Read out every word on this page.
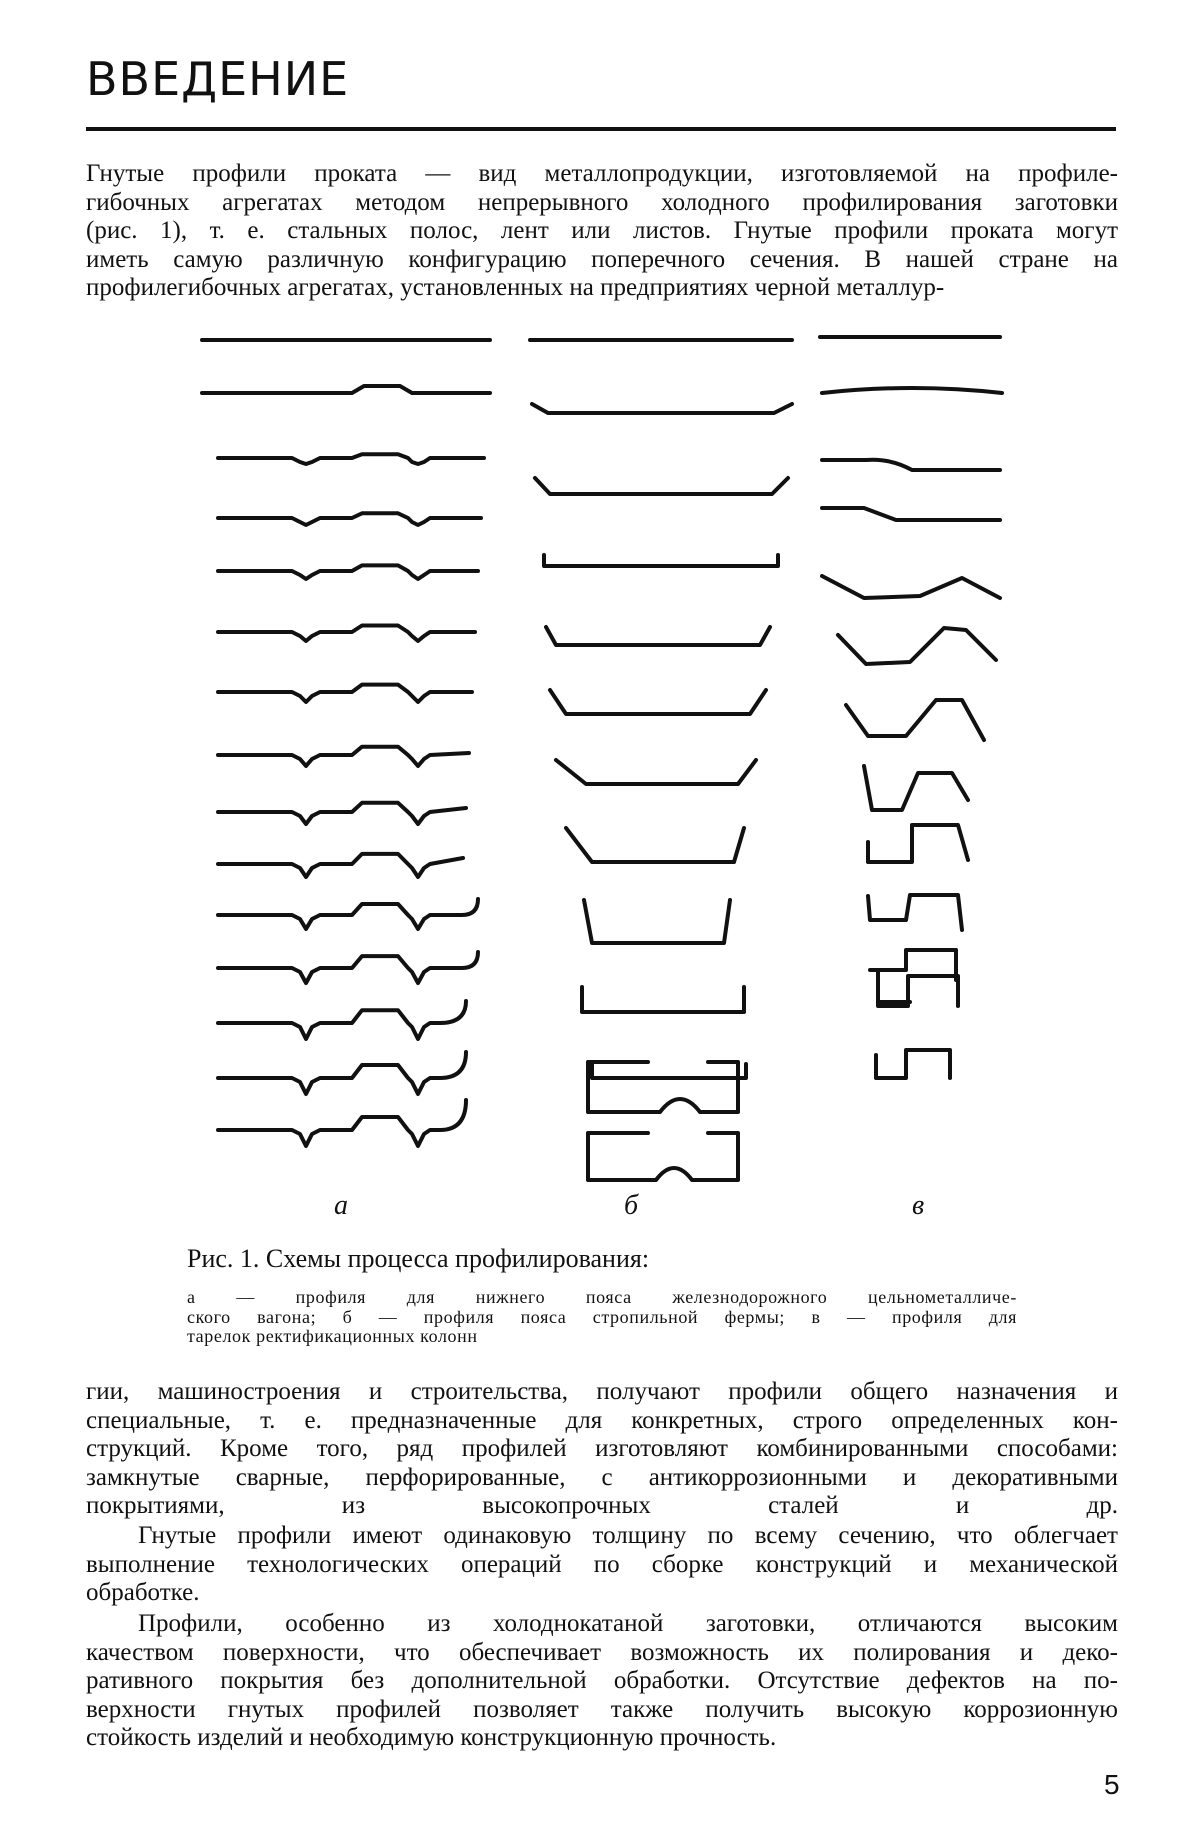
ВВЕДЕНИЕ
Гнутые профили проката — вид металлопродукции, изготовляемой на профиле-
гибочных агрегатах методом непрерывного холодного профилирования заготовки
(рис. 1), т. е. стальных полос, лент или листов. Гнутые профили проката могут
иметь самую различную конфигурацию поперечного сечения. В нашей стране на
профилегибочных агрегатах, установленных на предприятиях черной металлур-
а	б	в

Рис. 1. Схемы процесса профилирования:

а — профиля для нижнего пояса железнодорожного цельнометалличе-
ского вагона; б — профиля пояса стропильной фермы; в — профиля для
тарелок ректификационных колонн
гии, машиностроения и строительства, получают профили общего назначения и
специальные, т. е. предназначенные для конкретных, строго определенных кон-
струкций. Кроме того, ряд профилей изготовляют комбинированными способами:
замкнутые сварные, перфорированные, с антикоррозионными и декоративными
покрытиями, из высокопрочных сталей и др.
Гнутые профили имеют одинаковую толщину по всему сечению, что облегчает
выполнение технологических операций по сборке конструкций и механической
обработке.
Профили, особенно из холоднокатаной заготовки, отличаются высоким
качеством поверхности, что обеспечивает возможность их полирования и деко-
ративного покрытия без дополнительной обработки. Отсутствие дефектов на по-
верхности гнутых профилей позволяет также получить высокую коррозионную
стойкость изделий и необходимую конструкционную прочность.
5
